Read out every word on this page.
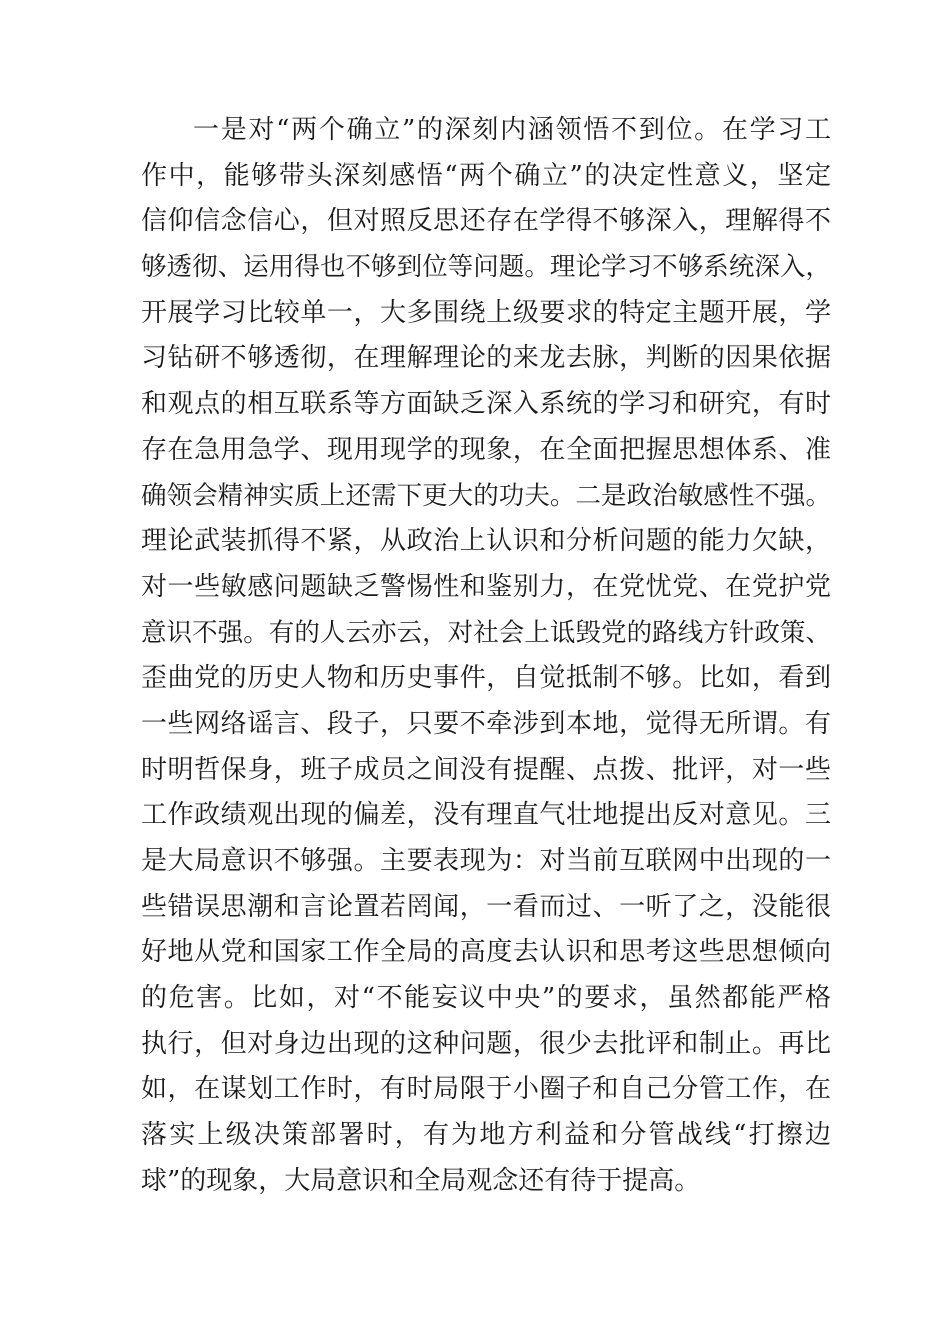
一是对“两个确立”的深刻内涵领悟不到位。在学习工
作中，能够带头深刻感悟“两个确立”的决定性意义，坚定
信仰信念信心，但对照反思还存在学得不够深入，理解得不
够透彻、运用得也不够到位等问题。理论学习不够系统深入，
开展学习比较单一，大多围绕上级要求的特定主题开展，学
习钻研不够透彻，在理解理论的来龙去脉，判断的因果依据
和观点的相互联系等方面缺乏深入系统的学习和研究，有时
存在急用急学、现用现学的现象，在全面把握思想体系、准
确领会精神实质上还需下更大的功夫。二是政治敏感性不强。
理论武装抓得不紧，从政治上认识和分析问题的能力欠缺，
对一些敏感问题缺乏警惕性和鉴别力，在党忧党、在党护党
意识不强。有的人云亦云，对社会上诋毁党的路线方针政策、
歪曲党的历史人物和历史事件，自觉抵制不够。比如，看到
一些网络谣言、段子，只要不牵涉到本地，觉得无所谓。有
时明哲保身，班子成员之间没有提醒、点拨、批评，对一些
工作政绩观出现的偏差，没有理直气壮地提出反对意见。三
是大局意识不够强。主要表现为：对当前互联网中出现的一
些错误思潮和言论置若罔闻，一看而过、一听了之，没能很
好地从党和国家工作全局的高度去认识和思考这些思想倾向
的危害。比如，对“不能妄议中央”的要求，虽然都能严格
执行，但对身边出现的这种问题，很少去批评和制止。再比
如，在谋划工作时，有时局限于小圈子和自己分管工作，在
落实上级决策部署时，有为地方利益和分管战线“打擦边
球”的现象，大局意识和全局观念还有待于提高。
